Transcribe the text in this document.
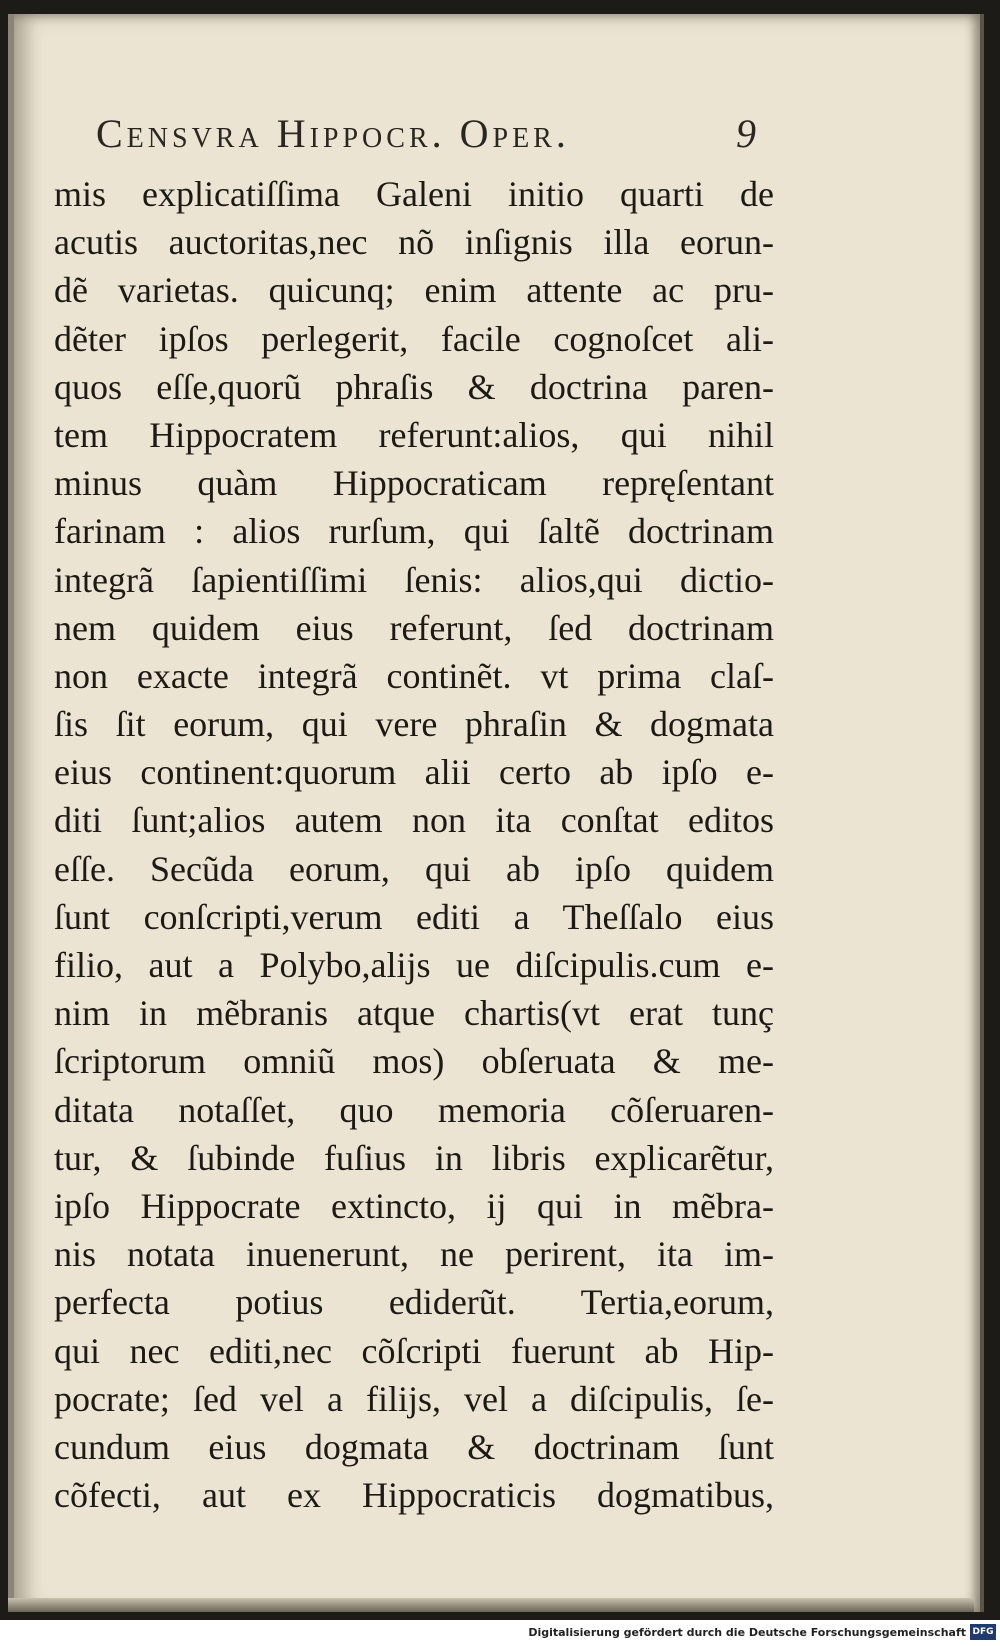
Censvra Hippocr. Oper.	9
mis explicatiſſima Galeni initio quarti de
acutis auctoritas,nec nõ inſignis illa eorun-
dẽ varietas. quicunq; enim attente ac pru-
dẽter ipſos perlegerit, facile cognoſcet ali-
quos eſſe,quorũ phraſis & doctrina paren-
tem Hippocratem referunt:alios, qui nihil
minus quàm Hippocraticam repręſentant
farinam : alios rurſum, qui ſaltẽ doctrinam
integrã ſapientiſſimi ſenis: alios,qui dictio-
nem quidem eius referunt, ſed doctrinam
non exacte integrã continẽt. vt prima claſ-
ſis ſit eorum, qui vere phraſin & dogmata
eius continent:quorum alii certo ab ipſo e-
diti ſunt;alios autem non ita conſtat editos
eſſe. Secũda eorum, qui ab ipſo quidem
ſunt conſcripti,verum editi a Theſſalo eius
filio, aut a Polybo,alijs ue diſcipulis.cum e-
nim in mẽbranis atque chartis(vt erat tunç
ſcriptorum omniũ mos) obſeruata & me-
ditata notaſſet, quo memoria cõſeruaren-
tur, & ſubinde fuſius in libris explicarẽtur,
ipſo Hippocrate extincto, ij qui in mẽbra-
nis notata inuenerunt, ne perirent, ita im-
perfecta potius ediderũt. Tertia,eorum,
qui nec editi,nec cõſcripti fuerunt ab Hip-
pocrate; ſed vel a filijs, vel a diſcipulis, ſe-
cundum eius dogmata & doctrinam ſunt
cõfecti, aut ex Hippocraticis dogmatibus,
Digitalisierung gefördert durch die Deutsche Forschungsgemeinschaft DFG
